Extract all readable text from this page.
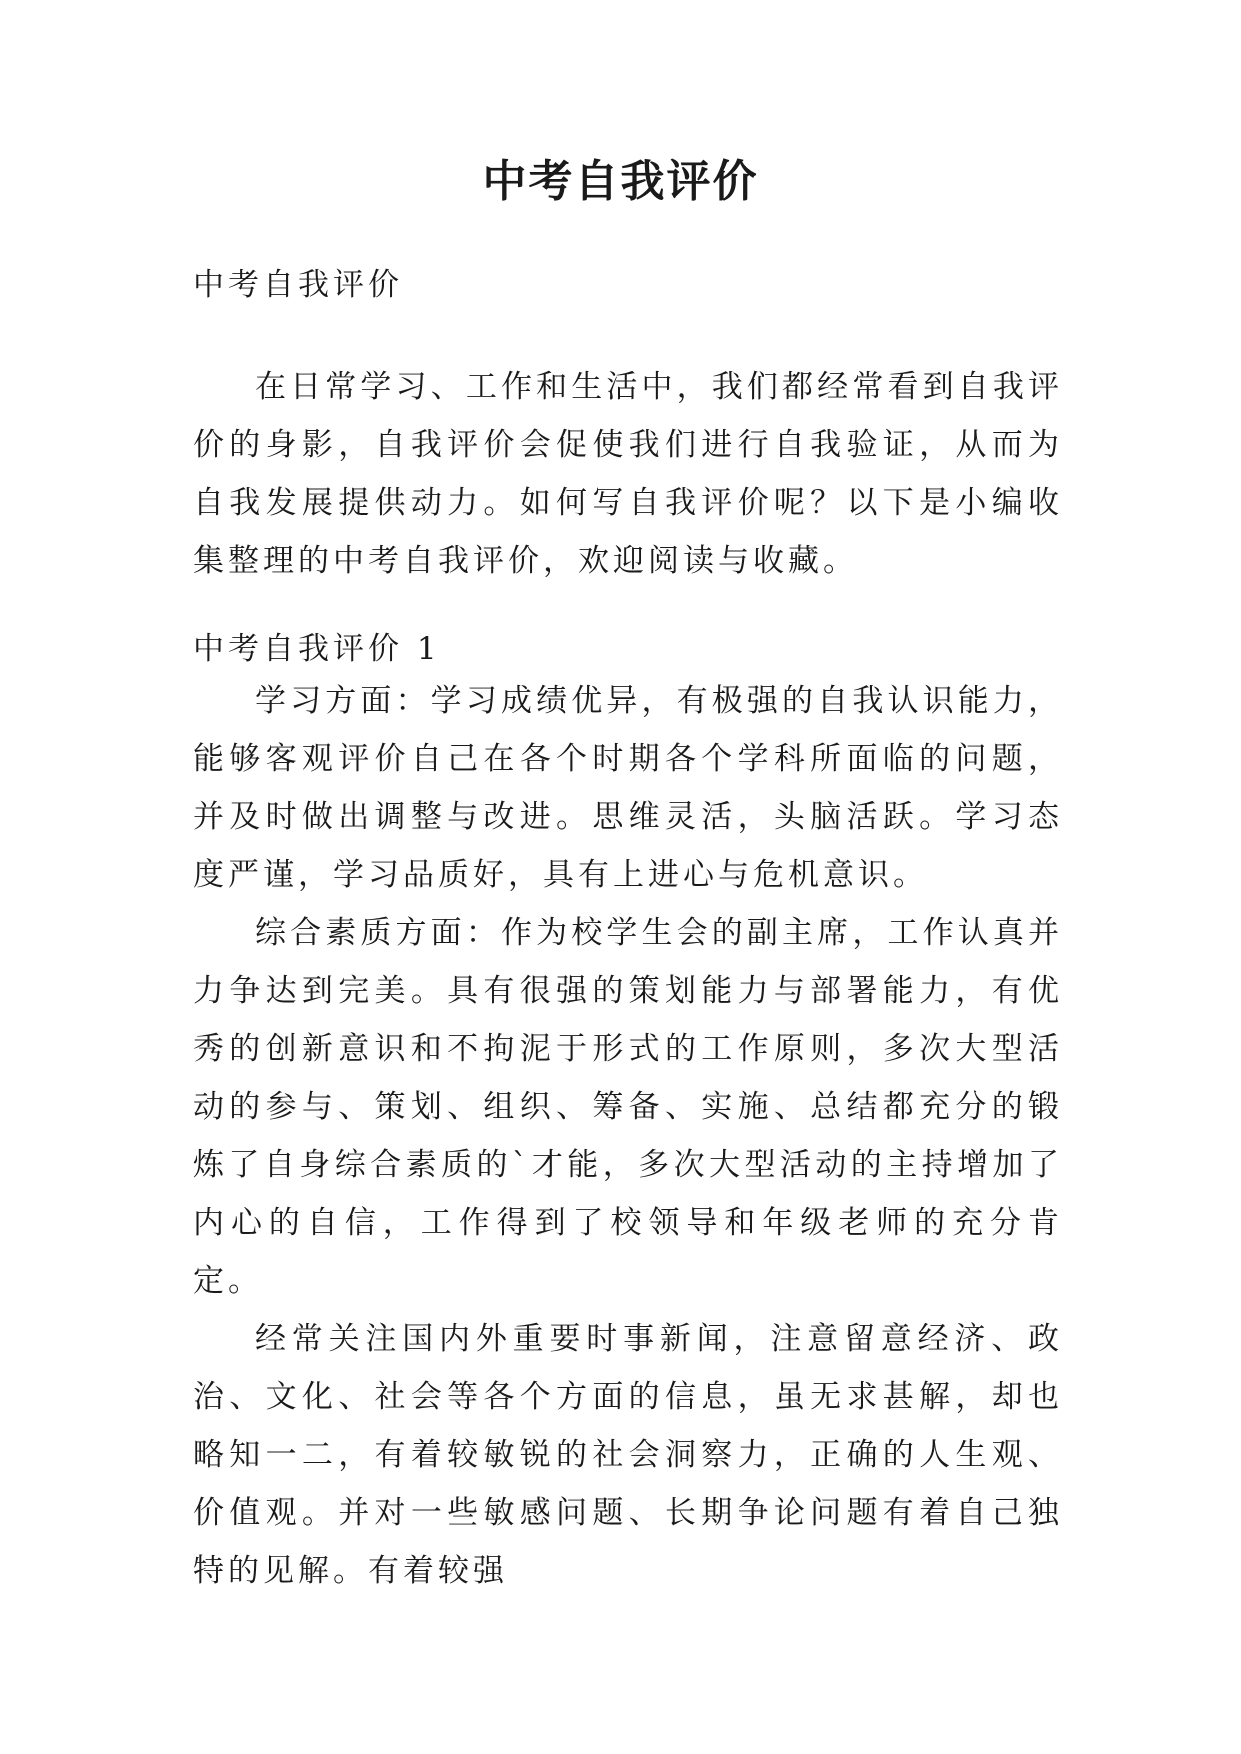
中考自我评价
中考自我评价

在日常学习、工作和生活中，我们都经常看到自我评价的身影，自我评价会促使我们进行自我验证，从而为自我发展提供动力。如何写自我评价呢？以下是小编收集整理的中考自我评价，欢迎阅读与收藏。

中考自我评价 1

学习方面：学习成绩优异，有极强的自我认识能力，能够客观评价自己在各个时期各个学科所面临的问题，并及时做出调整与改进。思维灵活，头脑活跃。学习态度严谨，学习品质好，具有上进心与危机意识。

综合素质方面：作为校学生会的副主席，工作认真并力争达到完美。具有很强的策划能力与部署能力，有优秀的创新意识和不拘泥于形式的工作原则，多次大型活动的参与、策划、组织、筹备、实施、总结都充分的锻炼了自身综合素质的`才能，多次大型活动的主持增加了内心的自信，工作得到了校领导和年级老师的充分肯定。

经常关注国内外重要时事新闻，注意留意经济、政治、文化、社会等各个方面的信息，虽无求甚解，却也略知一二，有着较敏锐的社会洞察力，正确的人生观、价值观。并对一些敏感问题、长期争论问题有着自己独特的见解。有着较强
